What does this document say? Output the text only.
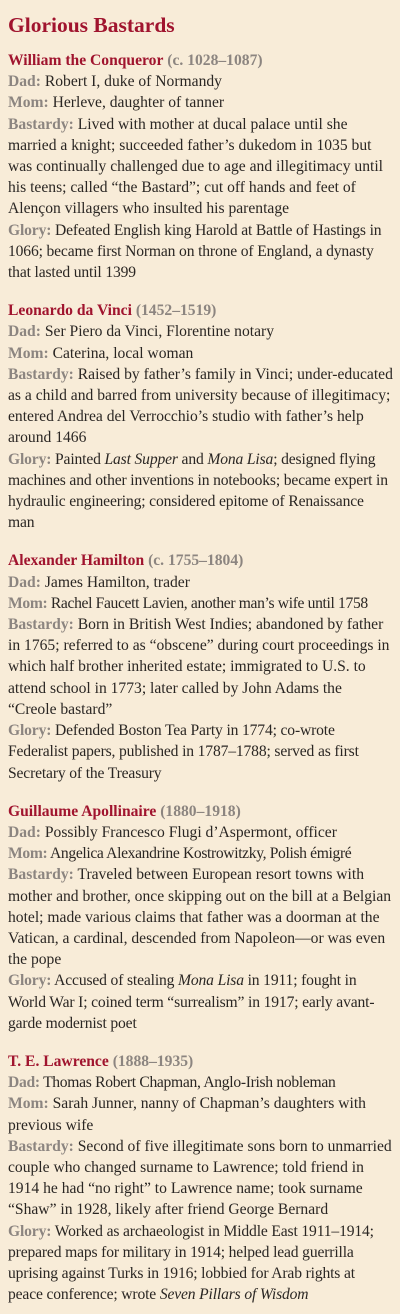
Glorious Bastards

William the Conqueror (c. 1028–1087)

Dad: Robert I, duke of Normandy

Mom: Herleve, daughter of tanner

Bastardy: Lived with mother at ducal palace until she married a knight; succeeded father’s dukedom in 1035 but was continually challenged due to age and illegitimacy until his teens; called “the Bastard”; cut off hands and feet of Alençon villagers who insulted his parentage

Glory: Defeated English king Harold at Battle of Hastings in 1066; became first Norman on throne of England, a dynasty that lasted until 1399

Leonardo da Vinci (1452–1519)

Dad: Ser Piero da Vinci, Florentine notary

Mom: Caterina, local woman

Bastardy: Raised by father’s family in Vinci; under-educated as a child and barred from university because of illegitimacy; entered Andrea del Verrocchio’s studio with father’s help around 1466

Glory: Painted Last Supper and Mona Lisa; designed flying machines and other inventions in notebooks; became expert in hydraulic engineering; considered epitome of Renaissance man

Alexander Hamilton (c. 1755–1804)

Dad: James Hamilton, trader

Mom: Rachel Faucett Lavien, another man’s wife until 1758

Bastardy: Born in British West Indies; abandoned by father in 1765; referred to as “obscene” during court proceedings in which half brother inherited estate; immigrated to U.S. to attend school in 1773; later called by John Adams the “Creole bastard”

Glory: Defended Boston Tea Party in 1774; co-wrote Federalist papers, published in 1787–1788; served as first Secretary of the Treasury

Guillaume Apollinaire (1880–1918)

Dad: Possibly Francesco Flugi d’Aspermont, officer

Mom: Angelica Alexandrine Kostrowitzky, Polish émigré

Bastardy: Traveled between European resort towns with mother and brother, once skipping out on the bill at a Belgian hotel; made various claims that father was a doorman at the Vatican, a cardinal, descended from Napoleon—or was even the pope

Glory: Accused of stealing Mona Lisa in 1911; fought in World War I; coined term “surrealism” in 1917; early avant-garde modernist poet

T. E. Lawrence (1888–1935)

Dad: Thomas Robert Chapman, Anglo-Irish nobleman

Mom: Sarah Junner, nanny of Chapman’s daughters with previous wife

Bastardy: Second of five illegitimate sons born to unmarried couple who changed surname to Lawrence; told friend in 1914 he had “no right” to Lawrence name; took surname “Shaw” in 1928, likely after friend George Bernard

Glory: Worked as archaeologist in Middle East 1911–1914; prepared maps for military in 1914; helped lead guerrilla uprising against Turks in 1916; lobbied for Arab rights at peace conference; wrote Seven Pillars of Wisdom
